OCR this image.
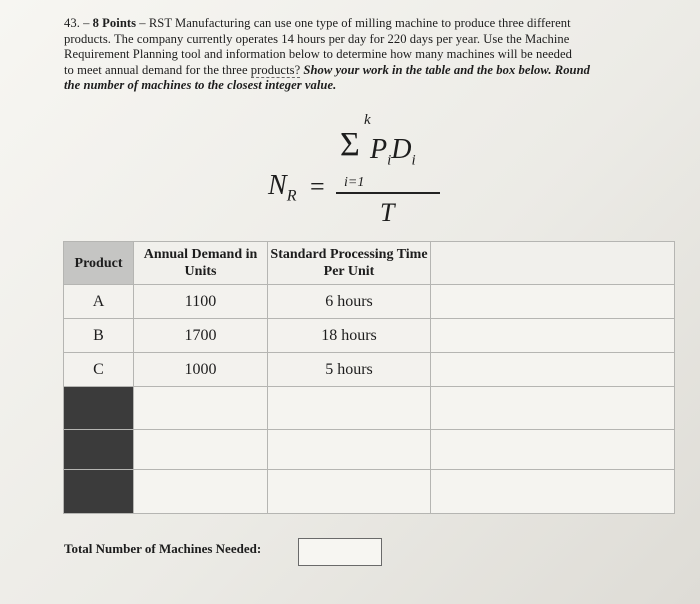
43. – 8 Points – RST Manufacturing can use one type of milling machine to produce three different
products. The company currently operates 14 hours per day for 220 days per year. Use the Machine
Requirement Planning tool and information below to determine how many machines will be needed
to meet annual demand for the three products? Show your work in the table and the box below. Round
the number of machines to the closest integer value.
k
Σ $P_iD_i$
i=1
$N_R$ =
T
Product	Annual Demand in Units	Standard Processing Time Per Unit	
A	1100	6 hours	
B	1700	18 hours	
C	1000	5 hours	

Total Number of Machines Needed:
